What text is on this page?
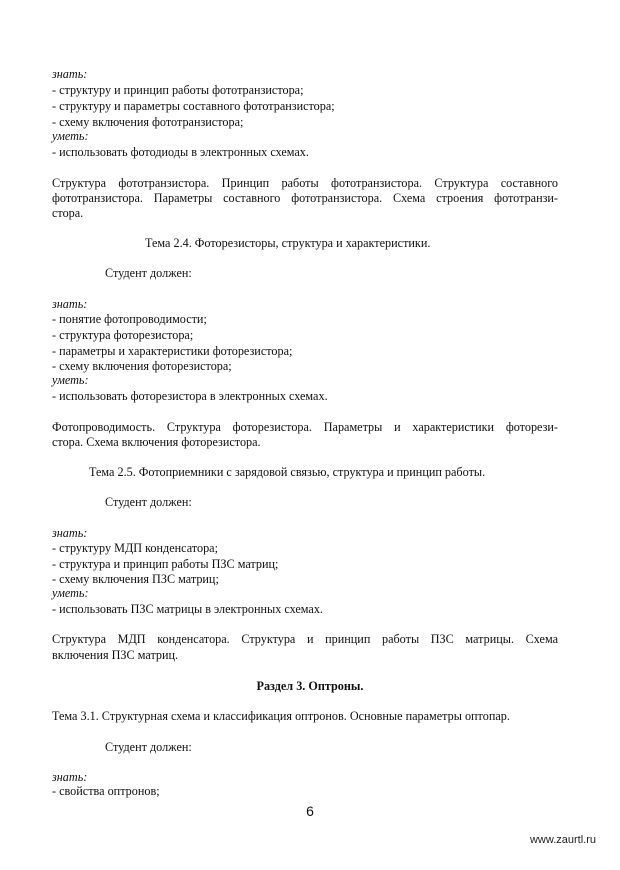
знать:
- структуру и принцип работы фототранзистора;
- структуру и параметры составного фототранзистора;
- схему включения фототранзистора;
уметь:
- использовать фотодиоды в электронных схемах.
Структура фототранзистора. Принцип работы фототранзистора. Структура составного
фототранзистора. Параметры составного фототранзистора. Схема строения фототранзи-
стора.
Тема 2.4. Фоторезисторы, структура и характеристики.
Студент должен:
знать:
- понятие фотопроводимости;
- структура фоторезистора;
- параметры и характеристики фоторезистора;
- схему включения фоторезистора;
уметь:
- использовать фоторезистора в электронных схемах.
Фотопроводимость. Структура фоторезистора. Параметры и характеристики фоторези-
стора. Схема включения фоторезистора.
Тема 2.5. Фотоприемники с зарядовой связью, структура и принцип работы.
Студент должен:
знать:
- структуру МДП конденсатора;
- структура и принцип работы ПЗС матриц;
- схему включения ПЗС матриц;
уметь:
- использовать ПЗС матрицы в электронных схемах.
Структура МДП конденсатора. Структура и принцип работы ПЗС матрицы. Схема
включения ПЗС матриц.
Раздел 3. Оптроны.
Тема 3.1. Структурная схема и классификация оптронов. Основные параметры оптопар.
Студент должен:
знать:
- свойства оптронов;
6
www.zaurtl.ru
